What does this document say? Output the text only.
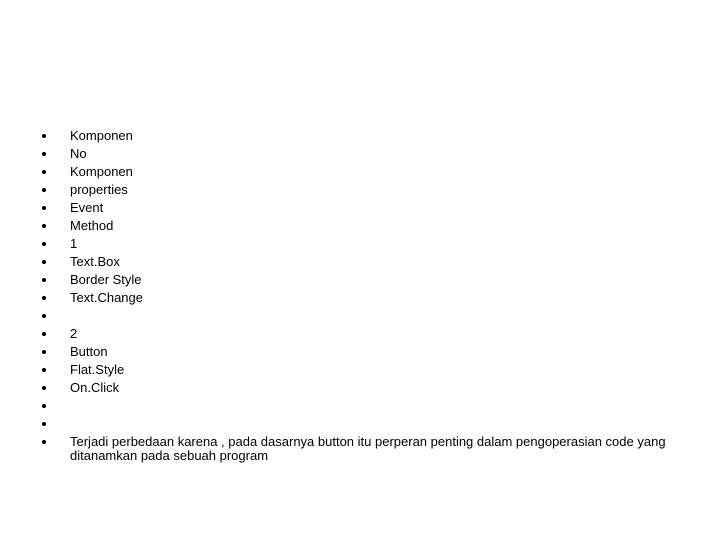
Komponen
No
Komponen
properties
Event
Method
1
Text.Box
Border Style
Text.Change
2
Button
Flat.Style
On.Click
Terjadi perbedaan karena , pada dasarnya button itu perperan penting dalam pengoperasian code yang ditanamkan pada sebuah program
